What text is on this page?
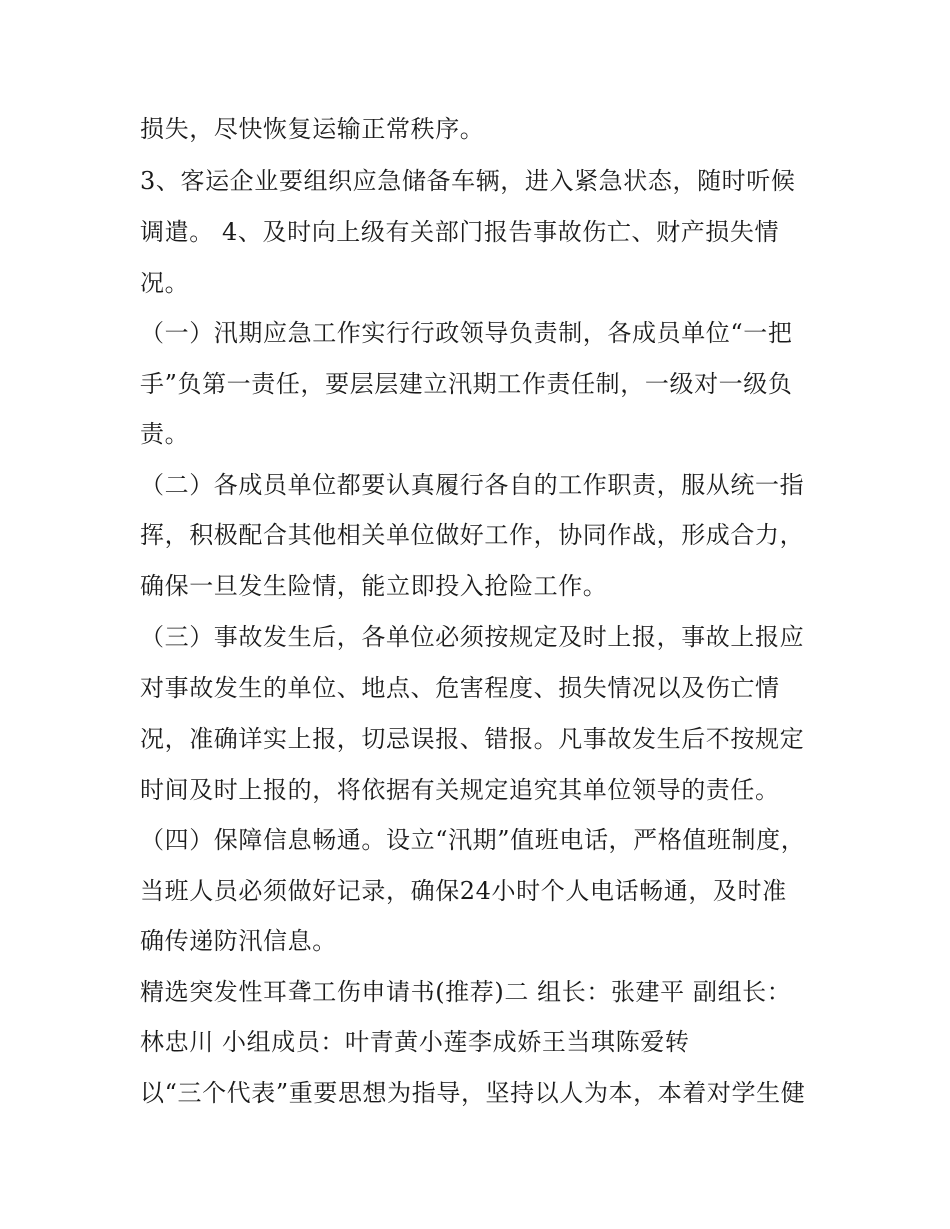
损失，尽快恢复运输正常秩序。
3、客运企业要组织应急储备车辆，进入紧急状态，随时听候
调遣。 4、及时向上级有关部门报告事故伤亡、财产损失情
况。
（一）汛期应急工作实行行政领导负责制，各成员单位“一把
手”负第一责任，要层层建立汛期工作责任制，一级对一级负
责。
（二）各成员单位都要认真履行各自的工作职责，服从统一指
挥，积极配合其他相关单位做好工作，协同作战，形成合力，
确保一旦发生险情，能立即投入抢险工作。
（三）事故发生后，各单位必须按规定及时上报，事故上报应
对事故发生的单位、地点、危害程度、损失情况以及伤亡情
况，准确详实上报，切忌误报、错报。凡事故发生后不按规定
时间及时上报的，将依据有关规定追究其单位领导的责任。
（四）保障信息畅通。设立“汛期”值班电话，严格值班制度，
当班人员必须做好记录，确保24小时个人电话畅通，及时准
确传递防汛信息。
精选突发性耳聋工伤申请书(推荐)二 组长：张建平 副组长：
林忠川 小组成员：叶青黄小莲李成娇王当琪陈爱转
以“三个代表”重要思想为指导，坚持以人为本，本着对学生健
